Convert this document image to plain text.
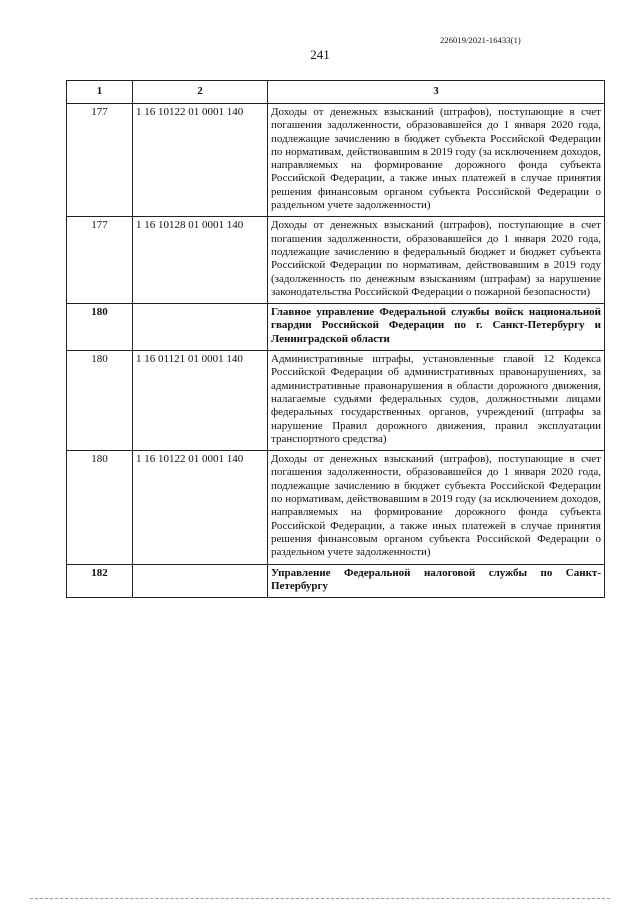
226019/2021-16433(1)
241
1	2	3
177	1 16 10122 01 0001 140	Доходы от денежных взысканий (штрафов), поступающие в счет погашения задолженности, образовавшейся до 1 января 2020 года, подлежащие зачислению в бюджет субъекта Российской Федерации по нормативам, действовавшим в 2019 году (за исключением доходов, направляемых на формирование дорожного фонда субъекта Российской Федерации, а также иных платежей в случае принятия решения финансовым органом субъекта Российской Федерации о раздельном учете задолженности)
177	1 16 10128 01 0001 140	Доходы от денежных взысканий (штрафов), поступающие в счет погашения задолженности, образовавшейся до 1 января 2020 года, подлежащие зачислению в федеральный бюджет и бюджет субъекта Российской Федерации по нормативам, действовавшим в 2019 году (задолженность по денежным взысканиям (штрафам) за нарушение законодательства Российской Федерации о пожарной безопасности)
180		Главное управление Федеральной службы войск национальной гвардии Российской Федерации по г. Санкт-Петербургу и Ленинградской области
180	1 16 01121 01 0001 140	Административные штрафы, установленные главой 12 Кодекса Российской Федерации об административных правонарушениях, за административные правонарушения в области дорожного движения, налагаемые судьями федеральных судов, должностными лицами федеральных государственных органов, учреждений (штрафы за нарушение Правил дорожного движения, правил эксплуатации транспортного средства)
180	1 16 10122 01 0001 140	Доходы от денежных взысканий (штрафов), поступающие в счет погашения задолженности, образовавшейся до 1 января 2020 года, подлежащие зачислению в бюджет субъекта Российской Федерации по нормативам, действовавшим в 2019 году (за исключением доходов, направляемых на формирование дорожного фонда субъекта Российской Федерации, а также иных платежей в случае принятия решения финансовым органом субъекта Российской Федерации о раздельном учете задолженности)
182		Управление Федеральной налоговой службы по Санкт-Петербургу
